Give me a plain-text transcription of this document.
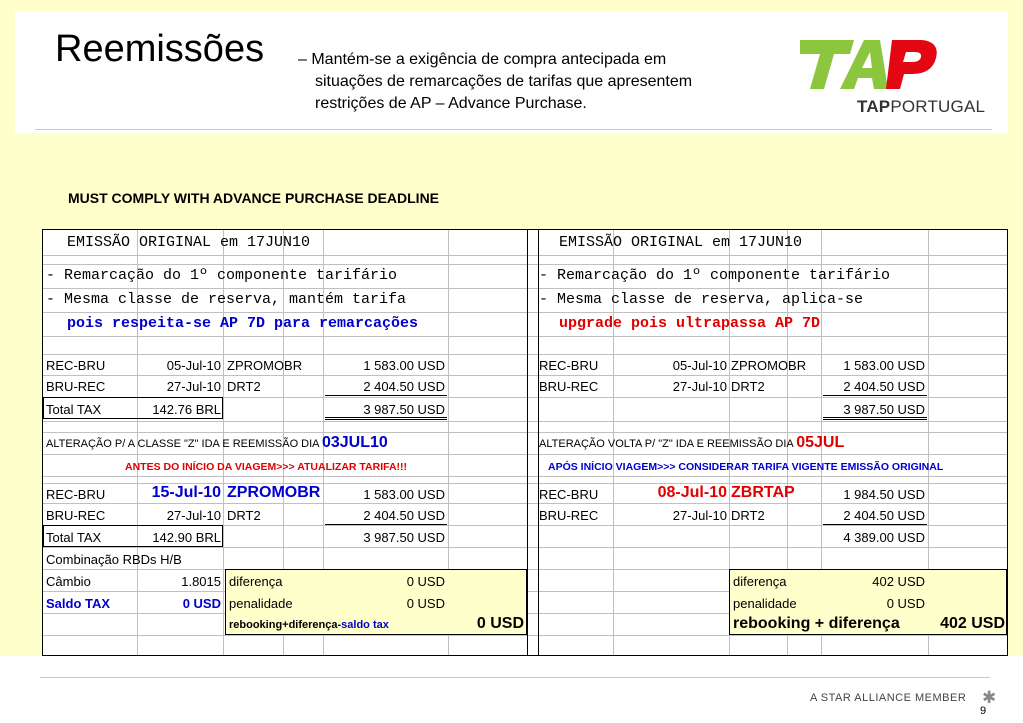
Reemissões – Mantém-se a exigência de compra antecipada em
situações de remarcações de tarifas que apresentem
restrições de AP – Advance Purchase.	TAPPORTUGAL
MUST COMPLY WITH ADVANCE PURCHASE DEADLINE
EMISSÃO ORIGINAL em 17JUN10
- Remarcação do 1º componente tarifário
- Mesma classe de reserva, mantém tarifa
pois respeita-se AP 7D para remarcações
REC-BRU	05-Jul-10 ZPROMOBR	1 583.00 USD
BRU-REC	27-Jul-10 DRT2	2 404.50 USD
Total TAX	142.76 BRL	3 987.50 USD
ALTERAÇÃO P/ A CLASSE "Z" IDA E REEMISSÃO DIA 03JUL10
ANTES DO INÍCIO DA VIAGEM>>> ATUALIZAR TARIFA!!!
REC-BRU	15-Jul-10 ZPROMOBR	1 583.00 USD
BRU-REC	27-Jul-10 DRT2	2 404.50 USD
Total TAX	142.90 BRL	3 987.50 USD
Combinação RBDs H/B
Câmbio	1.8015
Saldo TAX	0 USD
diferença	0 USD
penalidade	0 USD
rebooking+diferença-saldo tax	0 USD
EMISSÃO ORIGINAL em 17JUN10
- Remarcação do 1º componente tarifário
- Mesma classe de reserva, aplica-se
upgrade pois ultrapassa AP 7D
REC-BRU	05-Jul-10 ZPROMOBR	1 583.00 USD
BRU-REC	27-Jul-10 DRT2	2 404.50 USD
3 987.50 USD
ALTERAÇÃO VOLTA P/ "Z" IDA E REEMISSÃO DIA 05JUL
APÓS INÍCIO VIAGEM>>> CONSIDERAR TARIFA VIGENTE EMISSÃO ORIGINAL
REC-BRU	08-Jul-10 ZBRTAP	1 984.50 USD
BRU-REC	27-Jul-10 DRT2	2 404.50 USD
4 389.00 USD
diferença	402 USD
penalidade	0 USD
rebooking + diferença	402 USD
A STAR ALLIANCE MEMBER ✱
9
